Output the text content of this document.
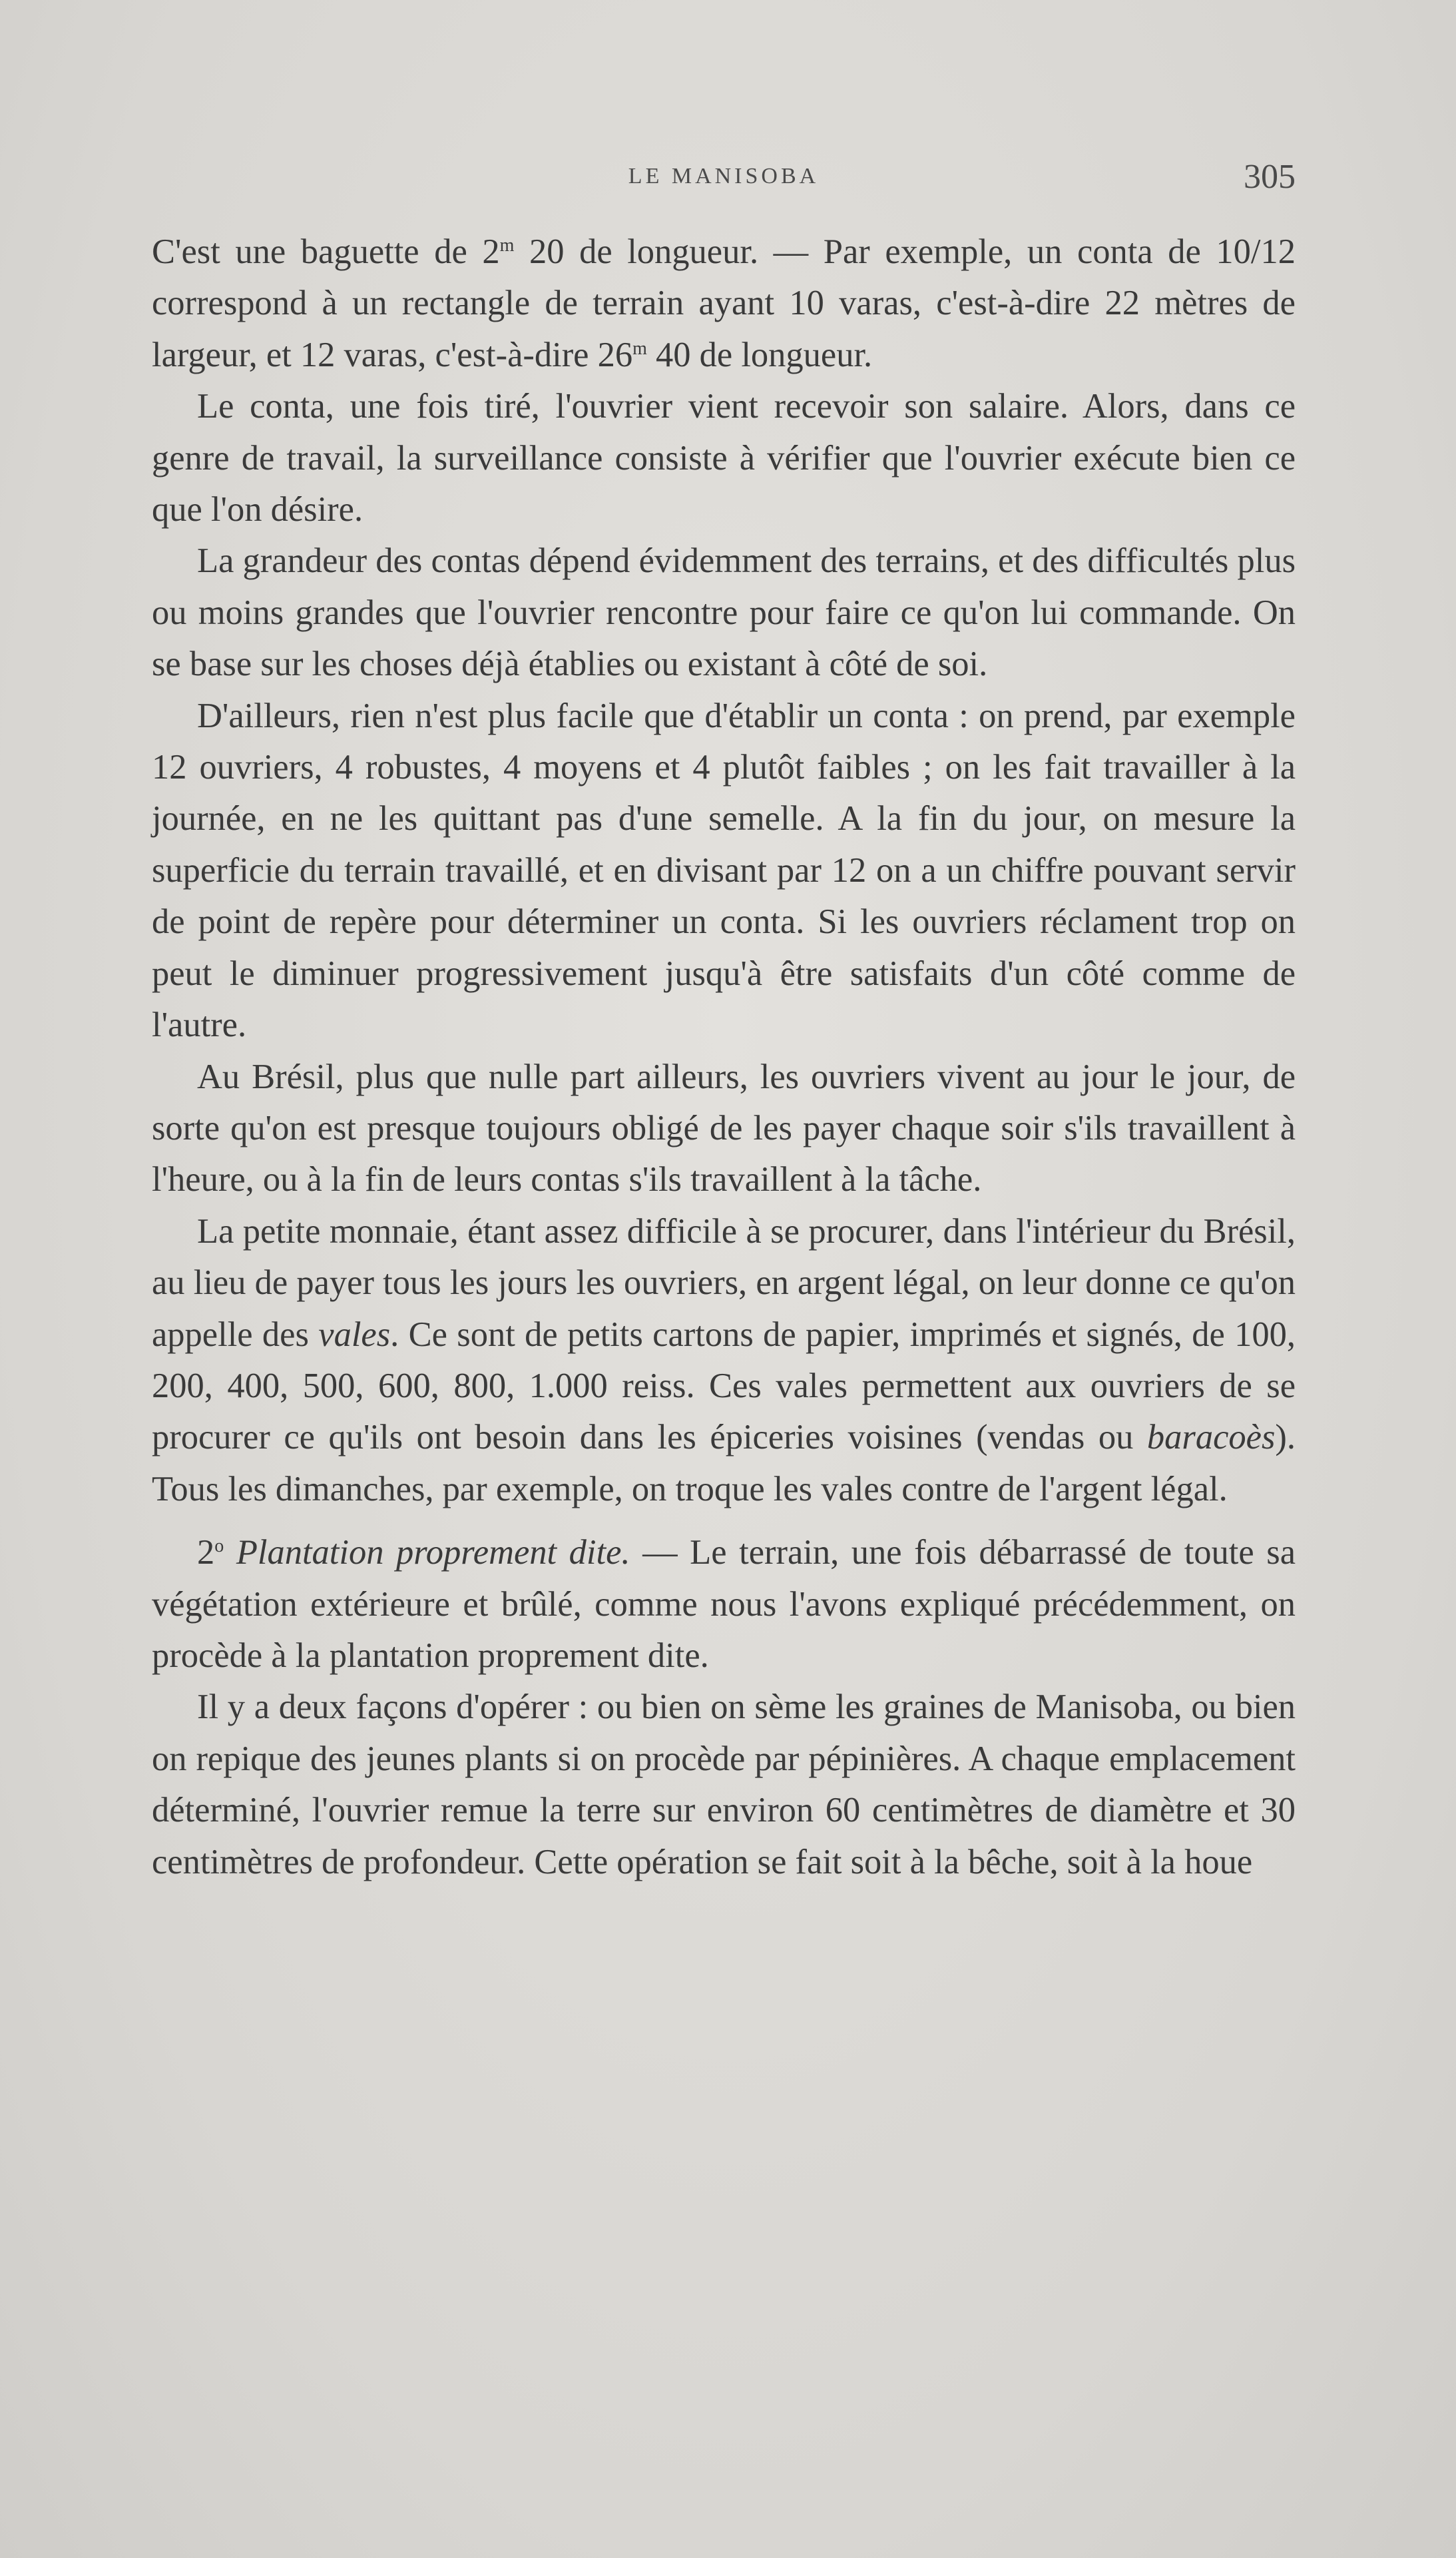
LE MANISOBA	305

C'est une baguette de 2$^m$ 20 de longueur. — Par exemple, un conta de 10/12 correspond à un rectangle de terrain ayant 10 varas, c'est-à-dire 22 mètres de largeur, et 12 varas, c'est-à-dire 26$^m$ 40 de longueur.

Le conta, une fois tiré, l'ouvrier vient recevoir son salaire. Alors, dans ce genre de travail, la surveillance consiste à vérifier que l'ouvrier exécute bien ce que l'on désire.

La grandeur des contas dépend évidemment des terrains, et des difficultés plus ou moins grandes que l'ouvrier rencontre pour faire ce qu'on lui commande. On se base sur les choses déjà établies ou existant à côté de soi.

D'ailleurs, rien n'est plus facile que d'établir un conta : on prend, par exemple 12 ouvriers, 4 robustes, 4 moyens et 4 plutôt faibles ; on les fait travailler à la journée, en ne les quittant pas d'une semelle. A la fin du jour, on mesure la superficie du terrain travaillé, et en divisant par 12 on a un chiffre pouvant servir de point de repère pour déterminer un conta. Si les ouvriers réclament trop on peut le diminuer progressivement jusqu'à être satisfaits d'un côté comme de l'autre.

Au Brésil, plus que nulle part ailleurs, les ouvriers vivent au jour le jour, de sorte qu'on est presque toujours obligé de les payer chaque soir s'ils travaillent à l'heure, ou à la fin de leurs contas s'ils travaillent à la tâche.

La petite monnaie, étant assez difficile à se procurer, dans l'intérieur du Brésil, au lieu de payer tous les jours les ouvriers, en argent légal, on leur donne ce qu'on appelle des vales. Ce sont de petits cartons de papier, imprimés et signés, de 100, 200, 400, 500, 600, 800, 1.000 reiss. Ces vales permettent aux ouvriers de se procurer ce qu'ils ont besoin dans les épiceries voisines (vendas ou baracoès). Tous les dimanches, par exemple, on troque les vales contre de l'argent légal.

2$^o$ Plantation proprement dite. — Le terrain, une fois débarrassé de toute sa végétation extérieure et brûlé, comme nous l'avons expliqué précédemment, on procède à la plantation proprement dite.

Il y a deux façons d'opérer : ou bien on sème les graines de Manisoba, ou bien on repique des jeunes plants si on procède par pépinières. A chaque emplacement déterminé, l'ouvrier remue la terre sur environ 60 centimètres de diamètre et 30 centimètres de profondeur. Cette opération se fait soit à la bêche, soit à la houe
